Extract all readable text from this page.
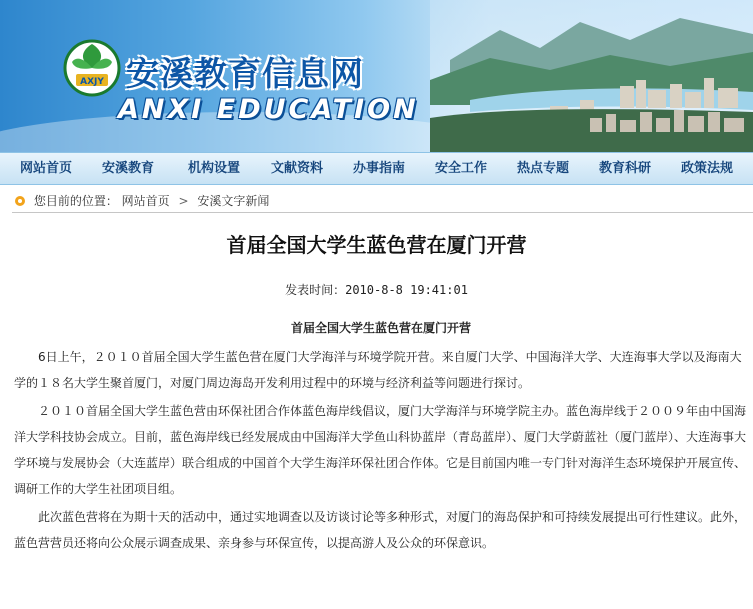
AXJY 安溪教育信息网
ANXI EDUCATION
网站首页	安溪教育	机构设置	文献资料	办事指南	安全工作	热点专题	教育科研	政策法规
您目前的位置： 网站首页 > 安溪文字新闻
首届全国大学生蓝色营在厦门开营
发表时间：2010-8-8 19:41:01
首届全国大学生蓝色营在厦门开营

6日上午，２０１０首届全国大学生蓝色营在厦门大学海洋与环境学院开营。来自厦门大学、中国海洋大学、大连海事大学以及海南大学的１８名大学生聚首厦门，对厦门周边海岛开发利用过程中的环境与经济利益等问题进行探讨。

２０１０首届全国大学生蓝色营由环保社团合作体蓝色海岸线倡议，厦门大学海洋与环境学院主办。蓝色海岸线于２００９年由中国海洋大学科技协会成立。目前，蓝色海岸线已经发展成由中国海洋大学鱼山科协蓝岸（青岛蓝岸）、厦门大学蔚蓝社（厦门蓝岸）、大连海事大学环境与发展协会（大连蓝岸）联合组成的中国首个大学生海洋环保社团合作体。它是目前国内唯一专门针对海洋生态环境保护开展宣传、调研工作的大学生社团项目组。

此次蓝色营将在为期十天的活动中，通过实地调查以及访谈讨论等多种形式，对厦门的海岛保护和可持续发展提出可行性建议。此外，蓝色营营员还将向公众展示调查成果、亲身参与环保宣传，以提高游人及公众的环保意识。
